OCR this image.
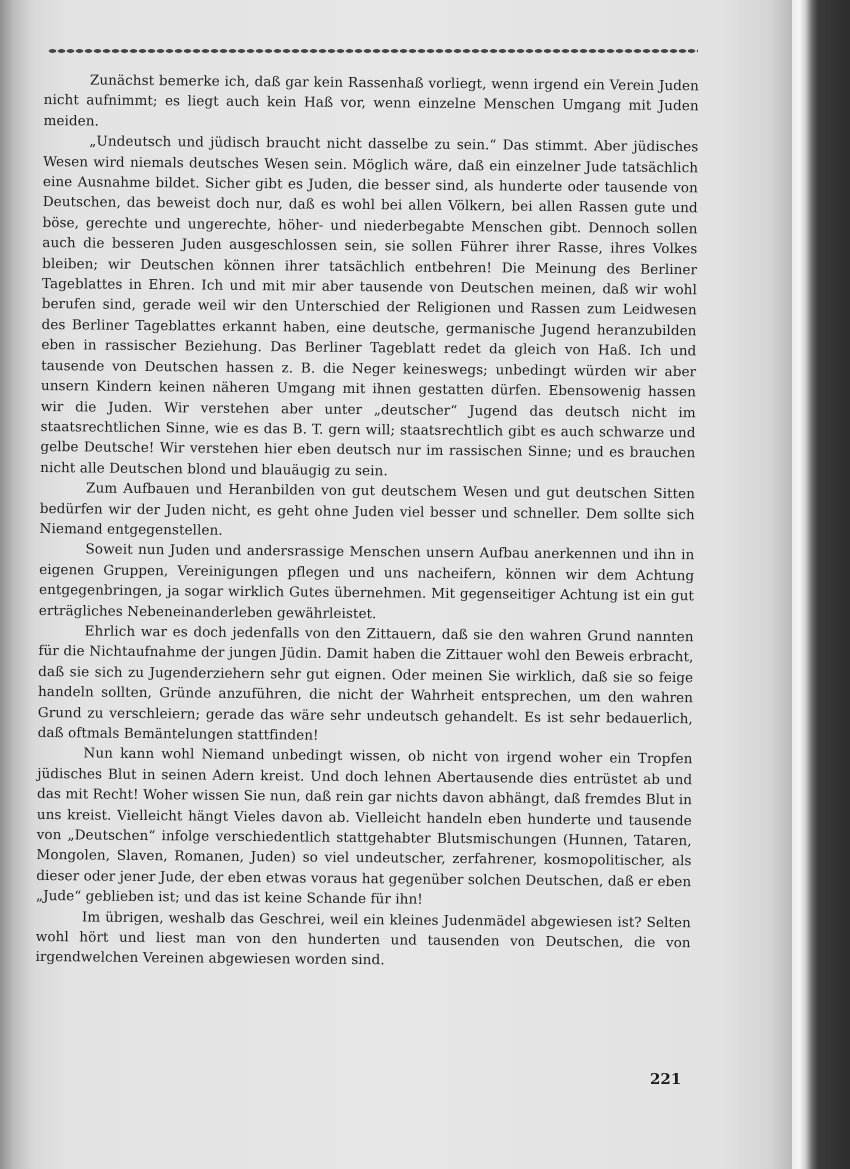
Zunächst bemerke ich, daß gar kein Rassenhaß vorliegt, wenn irgend ein Verein Juden nicht aufnimmt; es liegt auch kein Haß vor, wenn einzelne Menschen Umgang mit Juden meiden.

„Undeutsch und jüdisch braucht nicht dasselbe zu sein.“ Das stimmt. Aber jüdisches Wesen wird niemals deutsches Wesen sein. Möglich wäre, daß ein einzelner Jude tatsächlich eine Ausnahme bildet. Sicher gibt es Juden, die besser sind, als hunderte oder tausende von Deutschen, das beweist doch nur, daß es wohl bei allen Völkern, bei allen Rassen gute und böse, gerechte und ungerechte, höher- und niederbegabte Menschen gibt. Dennoch sollen auch die besseren Juden ausgeschlossen sein, sie sollen Führer ihrer Rasse, ihres Volkes bleiben; wir Deutschen können ihrer tatsächlich entbehren! Die Meinung des Berliner Tageblattes in Ehren. Ich und mit mir aber tausende von Deutschen meinen, daß wir wohl berufen sind, gerade weil wir den Unterschied der Religionen und Rassen zum Leidwesen des Berliner Tageblattes erkannt haben, eine deutsche, germanische Jugend heranzubilden eben in rassischer Beziehung. Das Berliner Tageblatt redet da gleich von Haß. Ich und tausende von Deutschen hassen z. B. die Neger keineswegs; unbedingt würden wir aber unsern Kindern keinen näheren Umgang mit ihnen gestatten dürfen. Ebensowenig hassen wir die Juden. Wir verstehen aber unter „deutscher“ Jugend das deutsch nicht im staatsrechtlichen Sinne, wie es das B. T. gern will; staatsrechtlich gibt es auch schwarze und gelbe Deutsche! Wir verstehen hier eben deutsch nur im rassischen Sinne; und es brauchen nicht alle Deutschen blond und blauäugig zu sein.

Zum Aufbauen und Heranbilden von gut deutschem Wesen und gut deutschen Sitten bedürfen wir der Juden nicht, es geht ohne Juden viel besser und schneller. Dem sollte sich Niemand entgegenstellen.

Soweit nun Juden und andersrassige Menschen unsern Aufbau anerkennen und ihn in eigenen Gruppen, Vereinigungen pflegen und uns nacheifern, können wir dem Achtung entgegenbringen, ja sogar wirklich Gutes übernehmen. Mit gegenseitiger Achtung ist ein gut erträgliches Nebeneinanderleben gewährleistet.

Ehrlich war es doch jedenfalls von den Zittauern, daß sie den wahren Grund nannten für die Nichtaufnahme der jungen Jüdin. Damit haben die Zittauer wohl den Beweis erbracht, daß sie sich zu Jugenderziehern sehr gut eignen. Oder meinen Sie wirklich, daß sie so feige handeln sollten, Gründe anzuführen, die nicht der Wahrheit entsprechen, um den wahren Grund zu verschleiern; gerade das wäre sehr undeutsch gehandelt. Es ist sehr bedauerlich, daß oftmals Bemäntelungen stattfinden!

Nun kann wohl Niemand unbedingt wissen, ob nicht von irgend woher ein Tropfen jüdisches Blut in seinen Adern kreist. Und doch lehnen Abertausende dies entrüstet ab und das mit Recht! Woher wissen Sie nun, daß rein gar nichts davon abhängt, daß fremdes Blut in uns kreist. Vielleicht hängt Vieles davon ab. Vielleicht handeln eben hunderte und tausende von „Deutschen“ infolge verschiedentlich stattgehabter Blutsmischungen (Hunnen, Tataren, Mongolen, Slaven, Romanen, Juden) so viel undeutscher, zerfahrener, kosmopolitischer, als dieser oder jener Jude, der eben etwas voraus hat gegenüber solchen Deutschen, daß er eben „Jude“ geblieben ist; und das ist keine Schande für ihn!

Im übrigen, weshalb das Geschrei, weil ein kleines Judenmädel abgewiesen ist? Selten wohl hört und liest man von den hunderten und tausenden von Deutschen, die von irgendwelchen Vereinen abgewiesen worden sind.

221
